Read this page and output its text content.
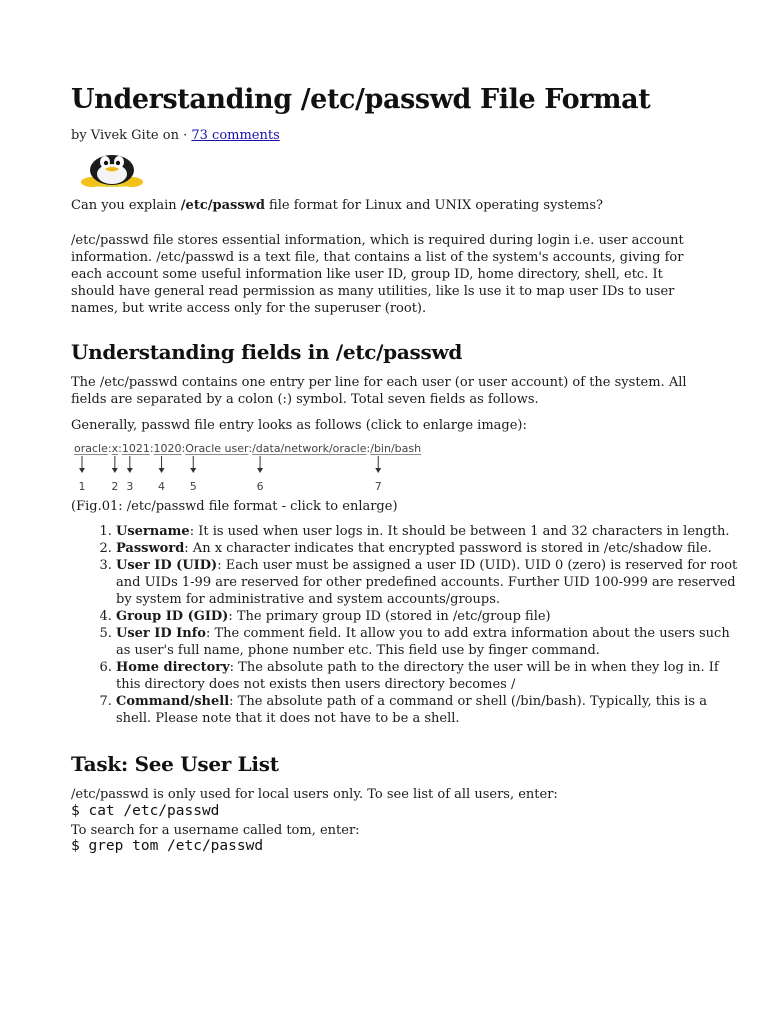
Understanding /etc/passwd File Format
by Vivek Gite on · 73 comments

Can you explain /etc/passwd file format for Linux and UNIX operating systems?

/etc/passwd file stores essential information, which is required during login i.e. user account information. /etc/passwd is a text file, that contains a list of the system's accounts, giving for each account some useful information like user ID, group ID, home directory, shell, etc. It should have general read permission as many utilities, like ls use it to map user IDs to user names, but write access only for the superuser (root).

Understanding fields in /etc/passwd

The /etc/passwd contains one entry per line for each user (or user account) of the system. All fields are separated by a colon (:) symbol. Total seven fields as follows.

Generally, passwd file entry looks as follows (click to enlarge image):

oracle:x:1021:1020:Oracle user:/data/network/oracle:/bin/bash
1 2 3 4 5	6	7

(Fig.01: /etc/passwd file format - click to enlarge)

1. Username: It is used when user logs in. It should be between 1 and 32 characters in length.
2. Password: An x character indicates that encrypted password is stored in /etc/shadow file.
3. User ID (UID): Each user must be assigned a user ID (UID). UID 0 (zero) is reserved for root and UIDs 1-99 are reserved for other predefined accounts. Further UID 100-999 are reserved by system for administrative and system accounts/groups.
4. Group ID (GID): The primary group ID (stored in /etc/group file)
5. User ID Info: The comment field. It allow you to add extra information about the users such as user's full name, phone number etc. This field use by finger command.
6. Home directory: The absolute path to the directory the user will be in when they log in. If this directory does not exists then users directory becomes /
7. Command/shell: The absolute path of a command or shell (/bin/bash). Typically, this is a shell. Please note that it does not have to be a shell.
Task: See User List

/etc/passwd is only used for local users only. To see list of all users, enter:

$ cat /etc/passwd

To search for a username called tom, enter:

$ grep tom /etc/passwd
